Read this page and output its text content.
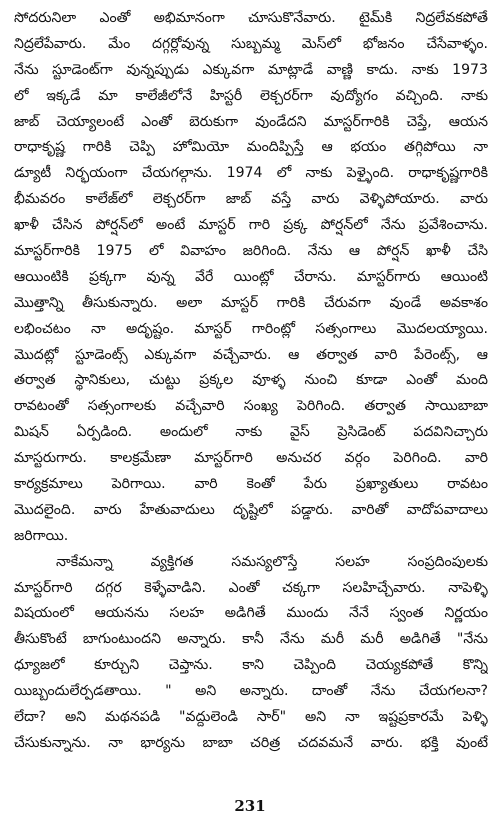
సోదరునిలా ఎంతో అభిమానంగా చూసుకొనేవారు. టైమ్‌కి నిద్రలేవకపోతే
నిద్రలేపేవారు. మేం దగ్గర్లోవున్న సుబ్బమ్మ మెస్‌లో భోజనం చేసేవాళ్ళం.
నేను స్టూడెంట్‌గా వున్నప్పుడు ఎక్కువగా మాట్లాడే వాణ్ణి కాదు. నాకు 1973
లో ఇక్కడే మా కాలేజీలోనే హిస్టరీ లెక్చరర్‌గా వుద్యోగం వచ్చింది. నాకు
జాబ్ చెయ్యాలంటే ఎంతో బెరుకుగా వుండేదని మాస్టర్‌గారికి చెప్తే, ఆయన
రాధాకృష్ణ గారికి చెప్పి హోమియో మందిప్పిస్తే ఆ భయం తగ్గిపోయి నా
డ్యూటీ నిర్భయంగా చేయగల్గాను. 1974 లో నాకు పెళ్ళైంది. రాధాకృష్ణగారికి
భీమవరం కాలేజ్‌లో లెక్చరర్‌గా జాబ్ వస్తే వారు వెళ్ళిపోయారు. వారు
ఖాళీ చేసిన పోర్షన్‌లో అంటే మాస్టర్ గారి ప్రక్క పోర్షన్‌లో నేను ప్రవేశించాను.
మాస్టర్‌గారికి 1975 లో వివాహం జరిగింది. నేను ఆ పోర్షన్ ఖాళీ చేసి
ఆయింటికి ప్రక్కగా వున్న వేరే యింట్లో చేరాను. మాస్టర్‌గారు ఆయింటి
మొత్తాన్ని తీసుకున్నారు. అలా మాస్టర్ గారికి చేరువగా వుండే అవకాశం
లభించటం నా అదృష్టం. మాస్టర్ గారింట్లో సత్సంగాలు మొదలయ్యాయి.
మొదట్లో స్టూడెంట్స్ ఎక్కువగా వచ్చేవారు. ఆ తర్వాత వారి పేరెంట్స్, ఆ
తర్వాత స్థానికులు, చుట్టు ప్రక్కల వూళ్ళ నుంచి కూడా ఎంతో మంది
రావటంతో సత్సంగాలకు వచ్చేవారి సంఖ్య పెరిగింది. తర్వాత సాయిబాబా
మిషన్ ఏర్పడింది. అందులో నాకు వైస్ ప్రెసిడెంట్ పదవినిచ్చారు
మాస్టరుగారు. కాలక్రమేణా మాస్టర్‌గారి అనుచర వర్గం పెరిగింది. వారి
కార్యక్రమాలు పెరిగాయి. వారి కెంతో పేరు ప్రఖ్యాతులు రావటం
మొదలైంది. వారు హేతువాదులు దృష్టిలో పడ్డారు. వారితో వాదోపవాదాలు
జరిగాయి.
నాకేమన్నా వ్యక్తిగత సమస్యలొస్తే సలహ సంప్రదింపులకు
మాస్టర్‌గారి దగ్గర కెళ్ళేవాడిని. ఎంతో చక్కగా సలహిచ్చేవారు. నాపెళ్ళి
విషయంలో ఆయనను సలహ అడిగితే ముందు నేనే స్వంత నిర్ణయం
తీసుకొంటే బాగుంటుందని అన్నారు. కానీ నేను మరీ మరీ అడిగితే "నేను
ధ్యూజలో కూర్చుని చెప్తాను. కాని చెప్పింది చెయ్యకపోతే కొన్ని
యిబ్బందులేర్పడతాయి. " అని అన్నారు. దాంతో నేను చేయగలనా?
లేదా? అని మథనపడి "వద్దులెండి సార్" అని నా ఇష్టప్రకారమే పెళ్ళి
చేసుకున్నాను. నా భార్యను బాబా చరిత్ర చదవమనే వారు. భక్తి వుంటే
231
